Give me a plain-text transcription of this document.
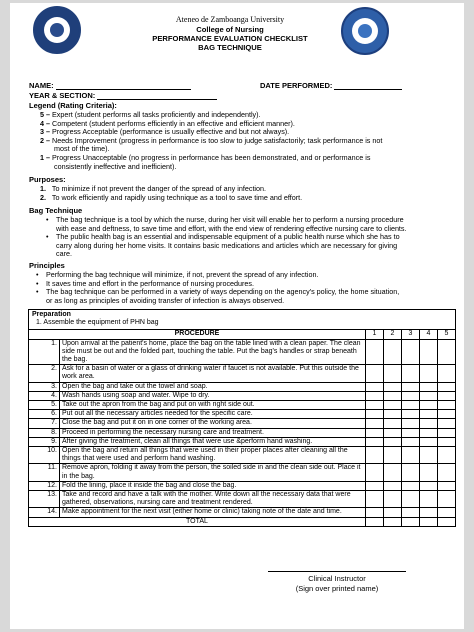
Ateneo de Zamboanga University
College of Nursing
PERFORMANCE EVALUATION CHECKLIST
BAG TECHNIQUE
NAME:	DATE PERFORMED:
YEAR & SECTION:
Legend (Rating Criteria):
5 – Expert (student performs all tasks proficiently and independently).
4 – Competent (student performs efficiently in an effective and efficient manner).
3 – Progress Acceptable (performance is usually effective and but not always).
2 – Needs Improvement (progress in performance is too slow to judge satisfactorily; task performance is not
most of the time).
1 – Progress Unacceptable (no progress in performance has been demonstrated, and or performance is
consistently ineffective and inefficient).
Purposes:
1. To minimize if not prevent the danger of the spread of any infection.
2. To work efficiently and rapidly using technique as a tool to save time and effort.
Bag Technique
• The bag technique is a tool by which the nurse, during her visit will enable her to perform a nursing procedure
with ease and deftness, to save time and effort, with the end view of rendering effective nursing care to clients.
• The public health bag is an essential and indispensable equipment of a public health nurse which she has to
carry along during her home visits. It contains basic medications and articles which are necessary for giving
care.
Principles
• Performing the bag technique will minimize, if not, prevent the spread of any infection.
• It saves time and effort in the performance of nursing procedures.
• The bag technique can be performed in a variety of ways depending on the agency's policy, the home situation,
or as long as principles of avoiding transfer of infection is always observed.
Preparation
1. Assemble the equipment of PHN bag						

PROCEDURE		1	2	3	4	5
1.	Upon arrival at the patient's home, place the bag on the table lined with a clean paper. The clean side must be out and the folded part, touching the table. Put the bag's handles or strap beneath the bag.					
2.	Ask for a basin of water or a glass of drinking water if faucet is not available. Put this outside the work area.					
3.	Open the bag and take out the towel and soap.					
4.	Wash hands using soap and water. Wipe to dry.					
5.	Take out the apron from the bag and put on with right side out.					
6.	Put out all the necessary articles needed for the specific care.					
7.	Close the bag and put it on in one corner of the working area.					
8.	Proceed in performing the necessary nursing care and treatment.					
9.	After giving the treatment, clean all things that were use &perform hand washing.					
10.	Open the bag and return all things that were used in their proper places after cleaning all the things that were used and perform hand washing.					
11.	Remove apron, folding it away from the person, the soiled side in and the clean side out. Place it in the bag.					
12.	Fold the lining, place it inside the bag and close the bag.					
13.	Take and record and have a talk with the mother. Write down all the necessary data that were gathered, observations, nursing care and treatment rendered.					
14.	Make appointment for the next visit (either home or clinic) taking note of the date and time.					
TOTAL						
Clinical Instructor
(Sign over printed name)
